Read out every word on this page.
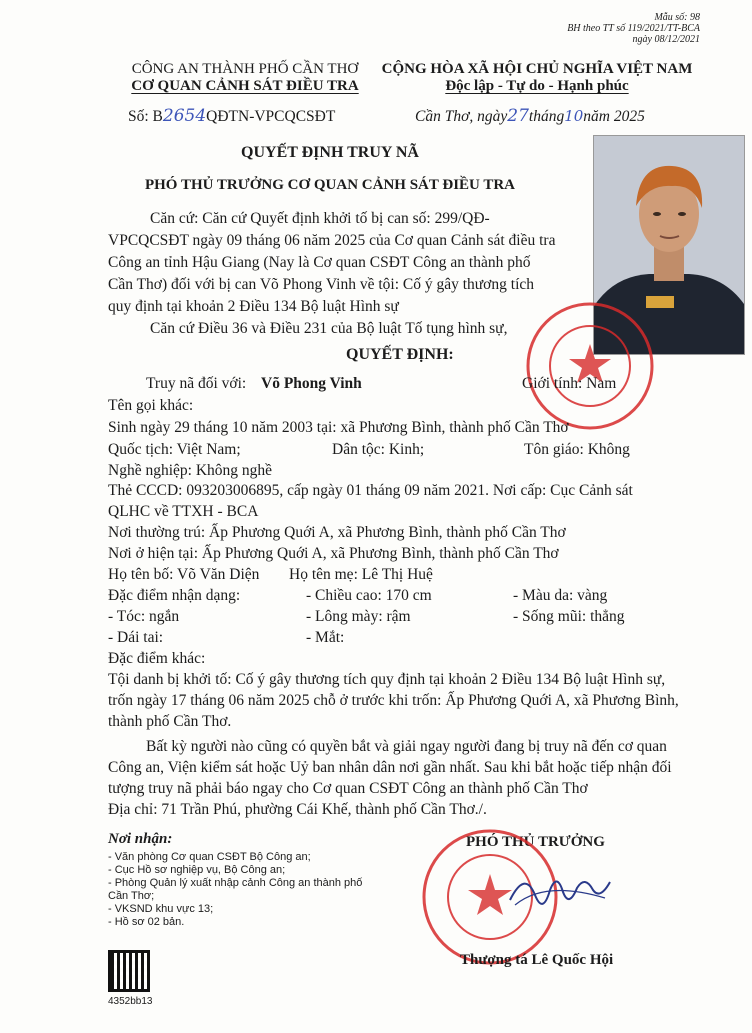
Mẫu số: 98
BH theo TT số 119/2021/TT-BCA
ngày 08/12/2021
CÔNG AN THÀNH PHỐ CẦN THƠ
CƠ QUAN CẢNH SÁT ĐIỀU TRA
Số: B2654QĐTN-VPCQCSĐT
CỘNG HÒA XÃ HỘI CHỦ NGHĨA VIỆT NAM
Độc lập - Tự do - Hạnh phúc
Cần Thơ, ngày27tháng10năm 2025
QUYẾT ĐỊNH TRUY NÃ
PHÓ THỦ TRƯỞNG CƠ QUAN CẢNH SÁT ĐIỀU TRA
Căn cứ: Căn cứ Quyết định khởi tố bị can số: 299/QĐ-
VPCQCSĐT ngày 09 tháng 06 năm 2025 của Cơ quan Cảnh sát điều tra
Công an tỉnh Hậu Giang (Nay là Cơ quan CSĐT Công an thành phố
Cần Thơ) đối với bị can Võ Phong Vinh về tội: Cố ý gây thương tích
quy định tại khoản 2 Điều 134 Bộ luật Hình sự
Căn cứ Điều 36 và Điều 231 của Bộ luật Tố tụng hình sự,
QUYẾT ĐỊNH:
Truy nã đối với: Võ Phong Vinh	Giới tính: Nam
Tên gọi khác:
Sinh ngày 29 tháng 10 năm 2003 tại: xã Phương Bình, thành phố Cần Thơ
Quốc tịch: Việt Nam;	Dân tộc: Kinh;	Tôn giáo: Không
Nghề nghiệp: Không nghề
Thẻ CCCD: 093203006895, cấp ngày 01 tháng 09 năm 2021. Nơi cấp: Cục Cảnh sát
QLHC về TTXH - BCA
Nơi thường trú: Ấp Phương Quới A, xã Phương Bình, thành phố Cần Thơ
Nơi ở hiện tại: Ấp Phương Quới A, xã Phương Bình, thành phố Cần Thơ
Họ tên bố: Võ Văn Diện Họ tên mẹ: Lê Thị Huệ
Đặc điểm nhận dạng:	- Chiều cao: 170 cm	- Màu da: vàng
- Tóc: ngắn	- Lông mày: rậm	- Sống mũi: thẳng
- Dái tai:	- Mắt:
Đặc điểm khác:
Tội danh bị khởi tố: Cố ý gây thương tích quy định tại khoản 2 Điều 134 Bộ luật Hình sự,
trốn ngày 17 tháng 06 năm 2025 chỗ ở trước khi trốn: Ấp Phương Quới A, xã Phương Bình,
thành phố Cần Thơ.
Bất kỳ người nào cũng có quyền bắt và giải ngay người đang bị truy nã đến cơ quan
Công an, Viện kiểm sát hoặc Uỷ ban nhân dân nơi gần nhất. Sau khi bắt hoặc tiếp nhận đối
tượng truy nã phải báo ngay cho Cơ quan CSĐT Công an thành phố Cần Thơ
Địa chỉ: 71 Trần Phú, phường Cái Khế, thành phố Cần Thơ./.
Nơi nhận:
- Văn phòng Cơ quan CSĐT Bộ Công an;
- Cục Hồ sơ nghiệp vụ, Bộ Công an;
- Phòng Quản lý xuất nhập cảnh Công an thành phố
Cần Thơ;
- VKSND khu vực 13;
- Hồ sơ 02 bản.
4352bb13
PHÓ THỦ TRƯỞNG
Thượng tá Lê Quốc Hội
